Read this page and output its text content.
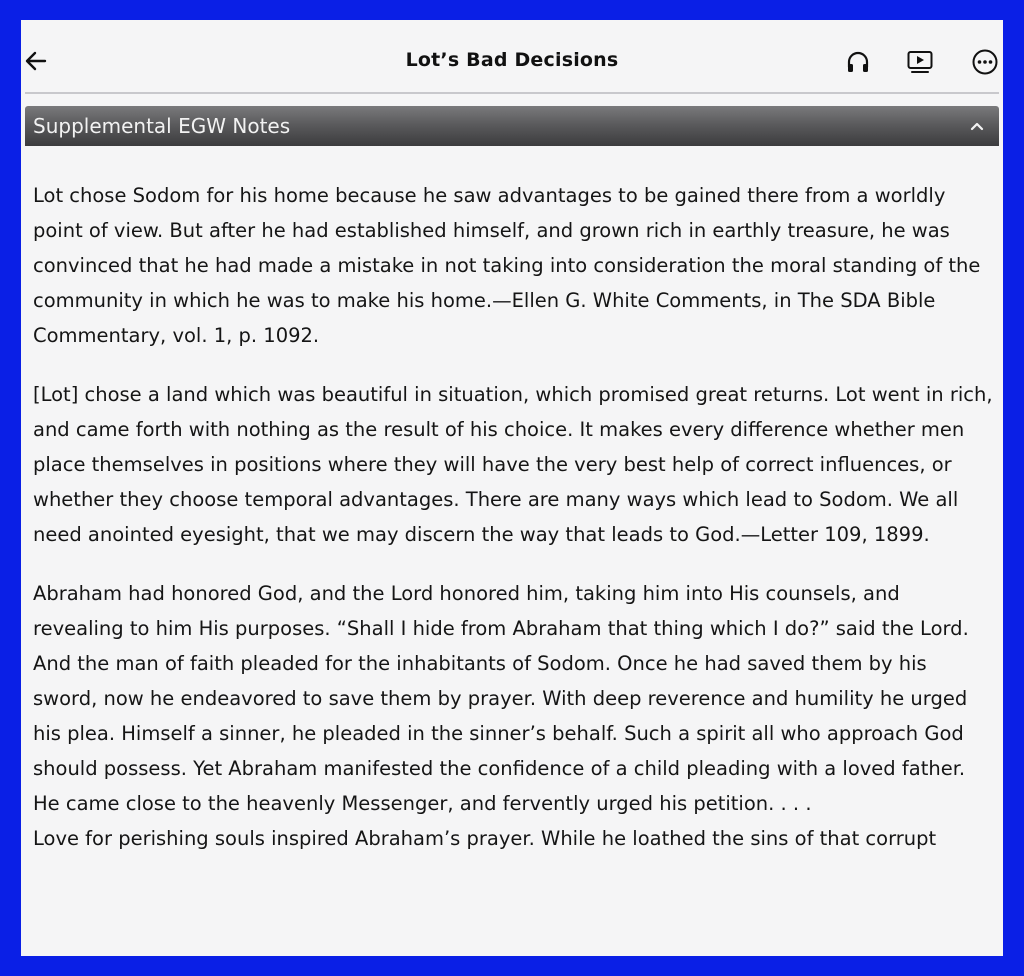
Lot’s Bad Decisions
Supplemental EGW Notes

Lot chose Sodom for his home because he saw advantages to be gained there from a worldly point of view. But after he had established himself, and grown rich in earthly treasure, he was convinced that he had made a mistake in not taking into consideration the moral standing of the community in which he was to make his home.—Ellen G. White Comments, in The SDA Bible Commentary, vol. 1, p. 1092.

[Lot] chose a land which was beautiful in situation, which promised great returns. Lot went in rich, and came forth with nothing as the result of his choice. It makes every difference whether men place themselves in positions where they will have the very best help of correct influences, or whether they choose temporal advantages. There are many ways which lead to Sodom. We all need anointed eyesight, that we may discern the way that leads to God.—Letter 109, 1899.

Abraham had honored God, and the Lord honored him, taking him into His counsels, and revealing to him His purposes. “Shall I hide from Abraham that thing which I do?” said the Lord.

And the man of faith pleaded for the inhabitants of Sodom. Once he had saved them by his sword, now he endeavored to save them by prayer. With deep reverence and humility he urged his plea. Himself a sinner, he pleaded in the sinner’s behalf. Such a spirit all who approach God should possess. Yet Abraham manifested the confidence of a child pleading with a loved father. He came close to the heavenly Messenger, and fervently urged his petition. . . .

Love for perishing souls inspired Abraham’s prayer. While he loathed the sins of that corrupt
